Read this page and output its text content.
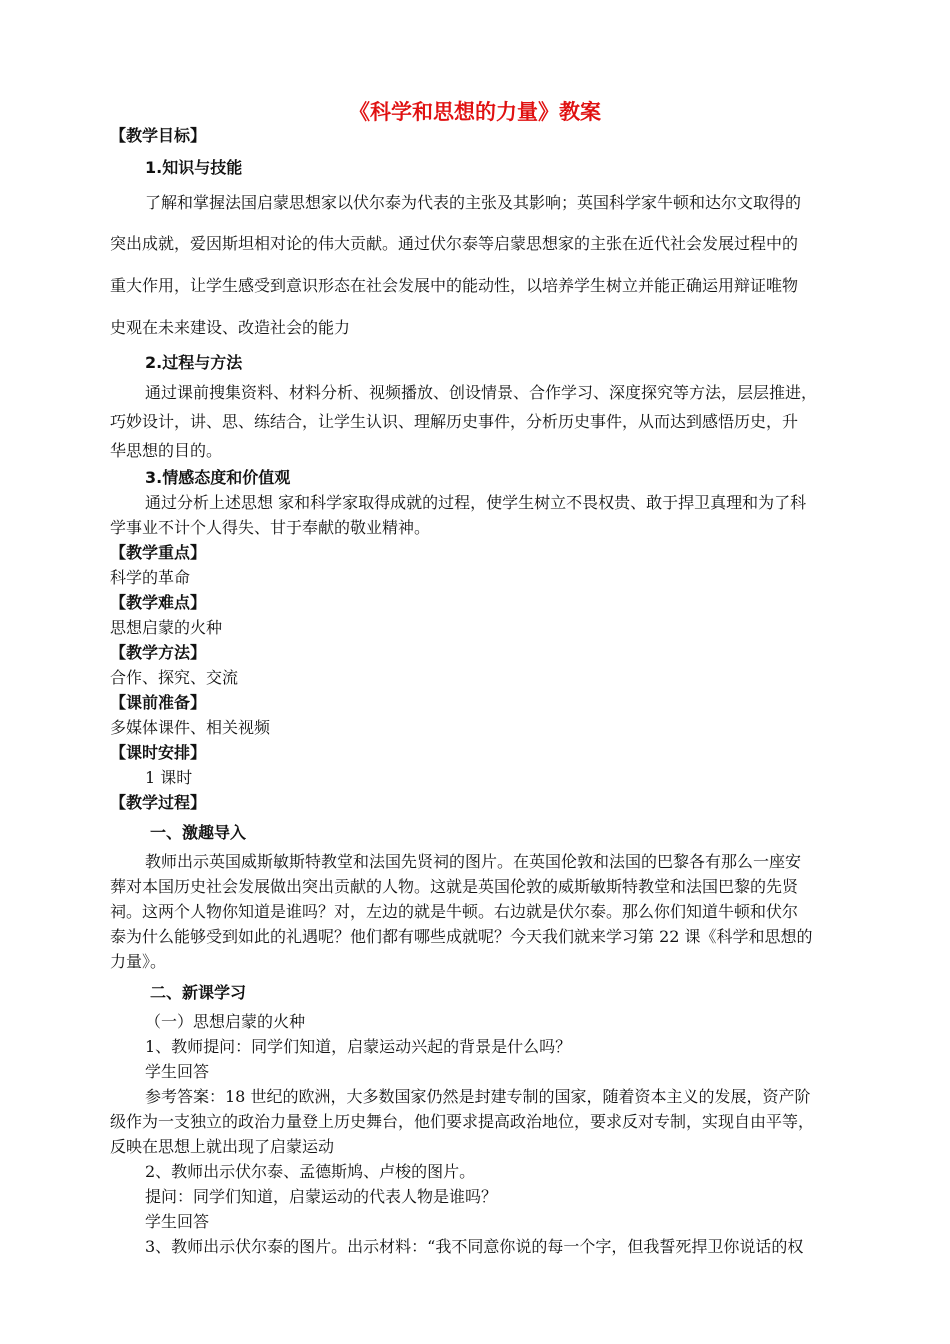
《科学和思想的力量》教案
【教学目标】
1.知识与技能
了解和掌握法国启蒙思想家以伏尔泰为代表的主张及其影响；英国科学家牛顿和达尔文取得的
突出成就，爱因斯坦相对论的伟大贡献。通过伏尔泰等启蒙思想家的主张在近代社会发展过程中的
重大作用，让学生感受到意识形态在社会发展中的能动性，以培养学生树立并能正确运用辩证唯物
史观在未来建设、改造社会的能力
2.过程与方法
通过课前搜集资料、材料分析、视频播放、创设情景、合作学习、深度探究等方法，层层推进，
巧妙设计，讲、思、练结合，让学生认识、理解历史事件，分析历史事件，从而达到感悟历史，升
华思想的目的。
3.情感态度和价值观
通过分析上述思想 家和科学家取得成就的过程，使学生树立不畏权贵、敢于捍卫真理和为了科
学事业不计个人得失、甘于奉献的敬业精神。
【教学重点】
科学的革命
【教学难点】
思想启蒙的火种
【教学方法】
合作、探究、交流
【课前准备】
多媒体课件、相关视频
【课时安排】
1 课时
【教学过程】
一、激趣导入
教师出示英国威斯敏斯特教堂和法国先贤祠的图片。在英国伦敦和法国的巴黎各有那么一座安
葬对本国历史社会发展做出突出贡献的人物。这就是英国伦敦的威斯敏斯特教堂和法国巴黎的先贤
祠。这两个人物你知道是谁吗？对，左边的就是牛顿。右边就是伏尔泰。那么你们知道牛顿和伏尔
泰为什么能够受到如此的礼遇呢？他们都有哪些成就呢？今天我们就来学习第 22 课《科学和思想的
力量》。
二、新课学习
（一）思想启蒙的火种
1、教师提问：同学们知道，启蒙运动兴起的背景是什么吗？
学生回答
参考答案：18 世纪的欧洲，大多数国家仍然是封建专制的国家，随着资本主义的发展，资产阶
级作为一支独立的政治力量登上历史舞台，他们要求提高政治地位，要求反对专制，实现自由平等，
反映在思想上就出现了启蒙运动
2、教师出示伏尔泰、孟德斯鸠、卢梭的图片。
提问：同学们知道，启蒙运动的代表人物是谁吗？
学生回答
3、教师出示伏尔泰的图片。出示材料：“我不同意你说的每一个字，但我誓死捍卫你说话的权
